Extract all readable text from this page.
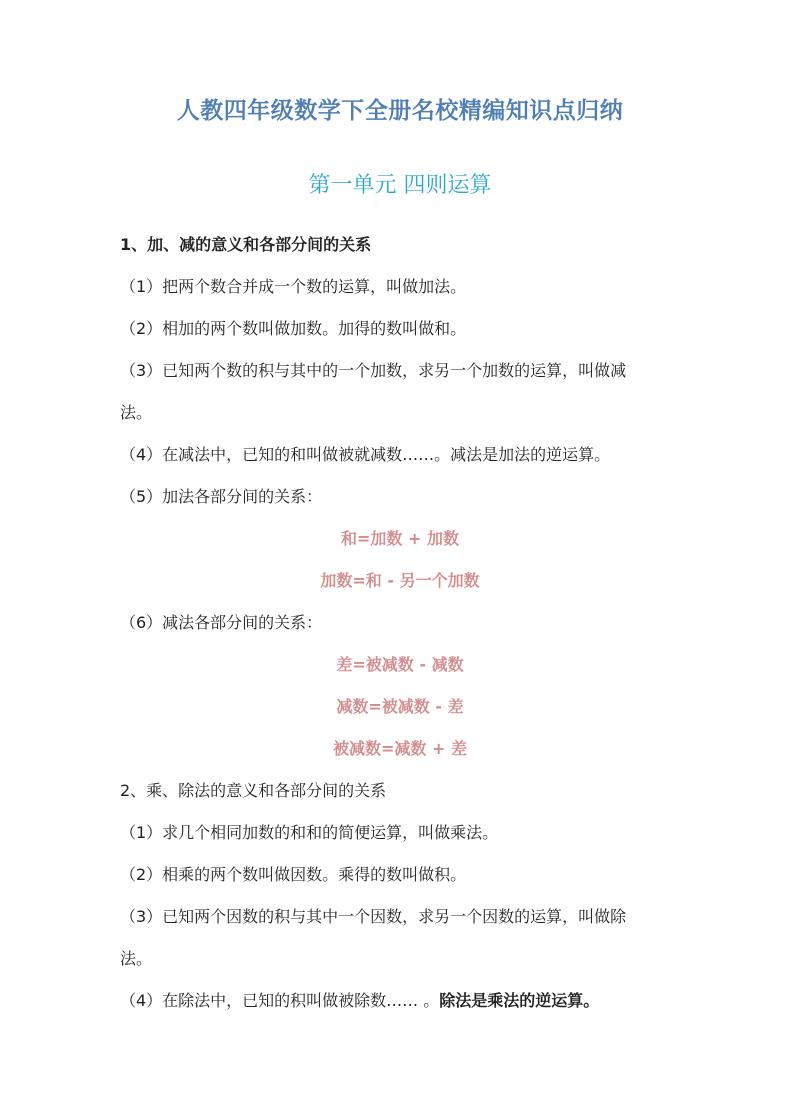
人教四年级数学下全册名校精编知识点归纳
第一单元 四则运算
1、加、减的意义和各部分间的关系
（1）把两个数合并成一个数的运算，叫做加法。
（2）相加的两个数叫做加数。加得的数叫做和。
（3）已知两个数的积与其中的一个加数，求另一个加数的运算，叫做减
法。
（4）在减法中，已知的和叫做被就减数……。减法是加法的逆运算。
（5）加法各部分间的关系：
和=加数 + 加数
加数=和 - 另一个加数
（6）减法各部分间的关系：
差=被减数 - 减数
减数=被减数 - 差
被减数=减数 + 差
2、乘、除法的意义和各部分间的关系
（1）求几个相同加数的和和的简便运算，叫做乘法。
（2）相乘的两个数叫做因数。乘得的数叫做积。
（3）已知两个因数的积与其中一个因数，求另一个因数的运算，叫做除
法。
（4）在除法中，已知的积叫做被除数…… 。除法是乘法的逆运算。
